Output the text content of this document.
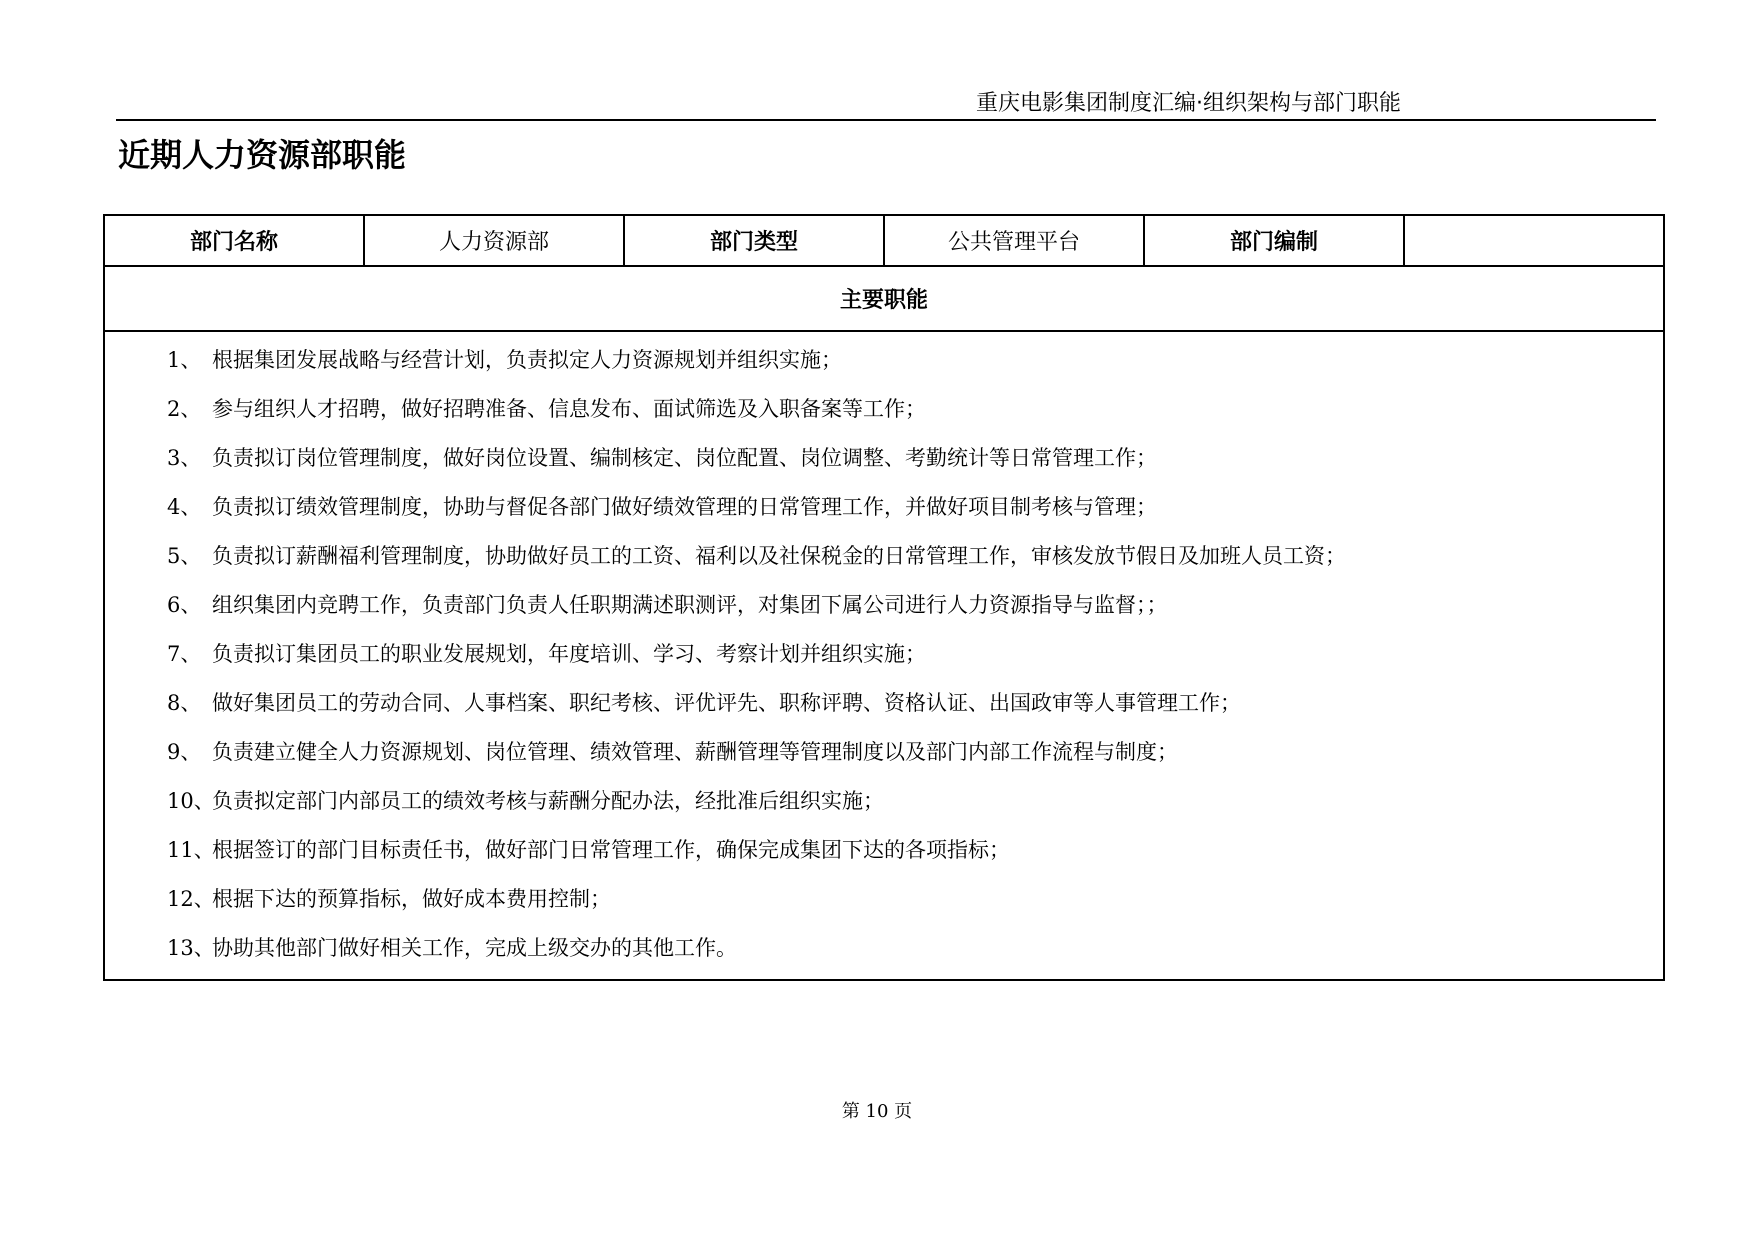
重庆电影集团制度汇编·组织架构与部门职能
近期人力资源部职能
部门名称	人力资源部	部门类型	公共管理平台	部门编制	
主要职能

1、 根据集团发展战略与经营计划，负责拟定人力资源规划并组织实施；
2、 参与组织人才招聘，做好招聘准备、信息发布、面试筛选及入职备案等工作；
3、 负责拟订岗位管理制度，做好岗位设置、编制核定、岗位配置、岗位调整、考勤统计等日常管理工作；
4、 负责拟订绩效管理制度，协助与督促各部门做好绩效管理的日常管理工作，并做好项目制考核与管理；
5、 负责拟订薪酬福利管理制度，协助做好员工的工资、福利以及社保税金的日常管理工作，审核发放节假日及加班人员工资；
6、 组织集团内竞聘工作，负责部门负责人任职期满述职测评，对集团下属公司进行人力资源指导与监督；；
7、 负责拟订集团员工的职业发展规划，年度培训、学习、考察计划并组织实施；
8、 做好集团员工的劳动合同、人事档案、职纪考核、评优评先、职称评聘、资格认证、出国政审等人事管理工作；
9、 负责建立健全人力资源规划、岗位管理、绩效管理、薪酬管理等管理制度以及部门内部工作流程与制度；
10、
负责拟定部门内部员工的绩效考核与薪酬分配办法，经批准后组织实施；
11、
根据签订的部门目标责任书，做好部门日常管理工作，确保完成集团下达的各项指标；
12、
根据下达的预算指标，做好成本费用控制；
13、
协助其他部门做好相关工作，完成上级交办的其他工作。
第 10 页
